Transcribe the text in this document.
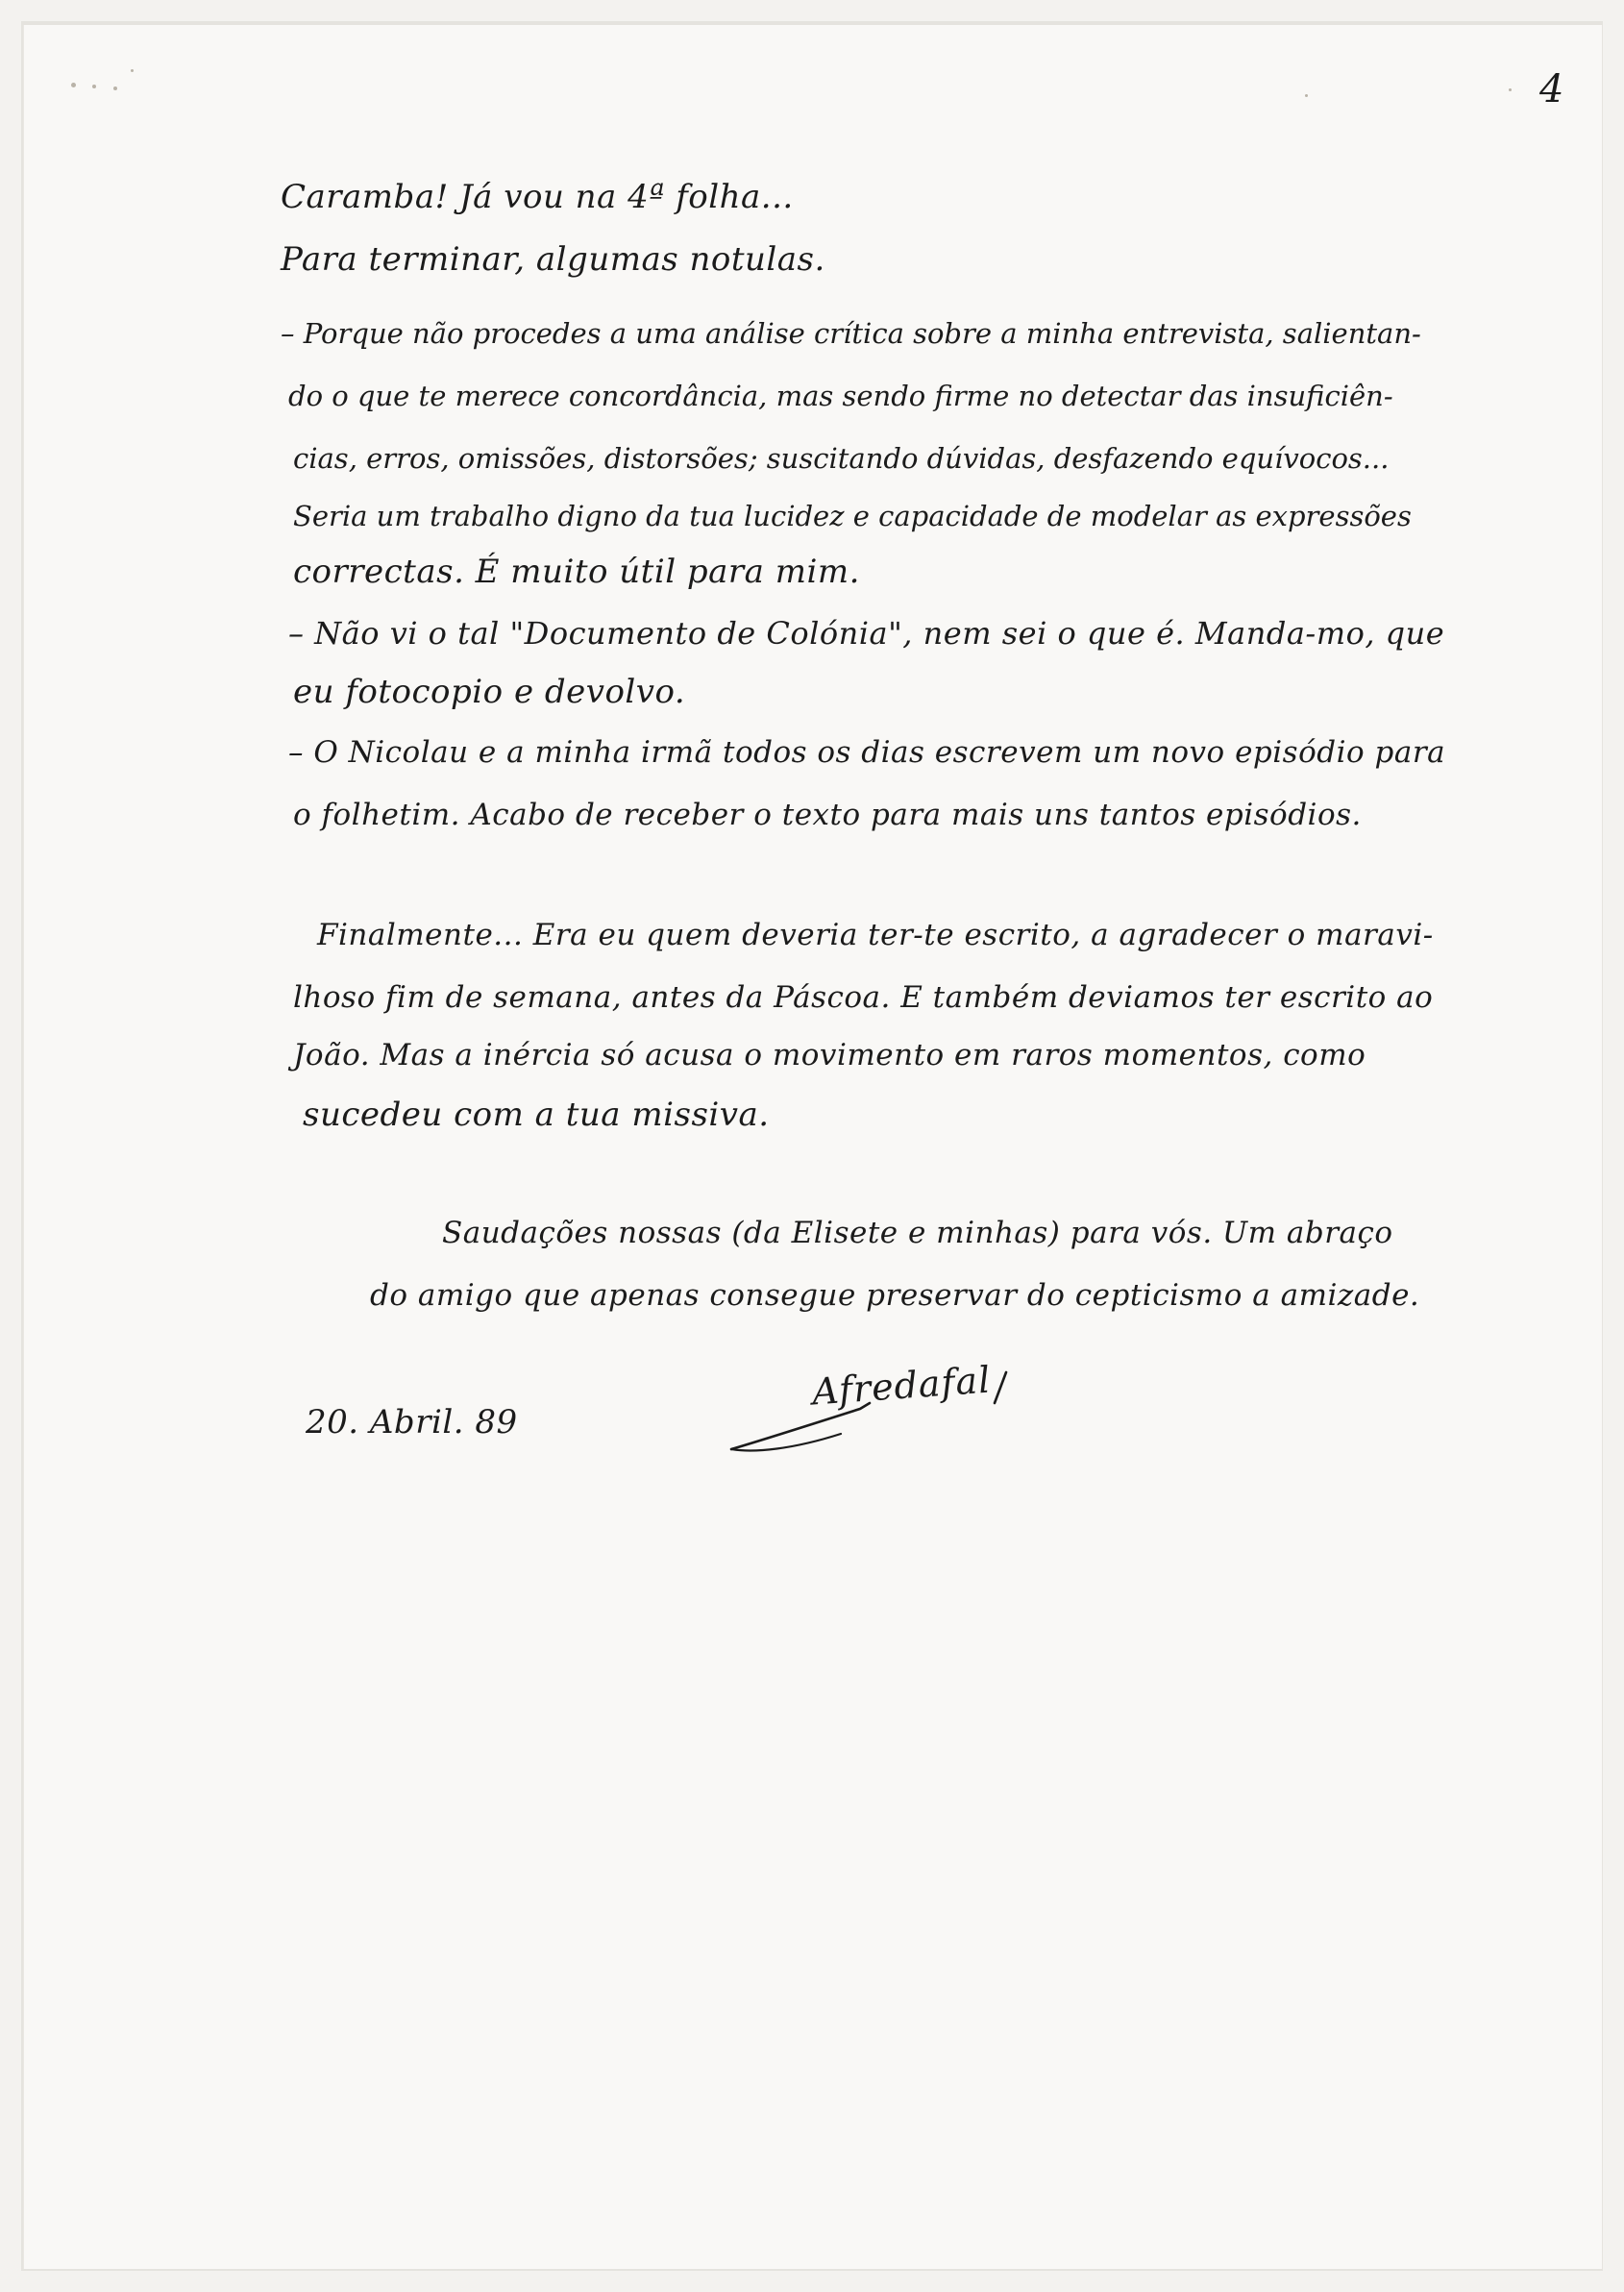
4
Caramba! Já vou na 4ª folha...
Para terminar, algumas notulas.
– Porque não procedes a uma análise crítica sobre a minha entrevista, salientan-
do o que te merece concordância, mas sendo firme no detectar das insuficiên-
cias, erros, omissões, distorsões; suscitando dúvidas, desfazendo equívocos...
Seria um trabalho digno da tua lucidez e capacidade de modelar as expressões
correctas. É muito útil para mim.
– Não vi o tal "Documento de Colónia", nem sei o que é. Manda-mo, que
eu fotocopio e devolvo.
– O Nicolau e a minha irmã todos os dias escrevem um novo episódio para
o folhetim. Acabo de receber o texto para mais uns tantos episódios.
Finalmente... Era eu quem deveria ter-te escrito, a agradecer o maravi-
lhoso fim de semana, antes da Páscoa. E também deviamos ter escrito ao
João. Mas a inércia só acusa o movimento em raros momentos, como
sucedeu com a tua missiva.
Saudações nossas (da Elisete e minhas) para vós. Um abraço
do amigo que apenas consegue preservar do cepticismo a amizade.
20. Abril. 89
Afredafal
